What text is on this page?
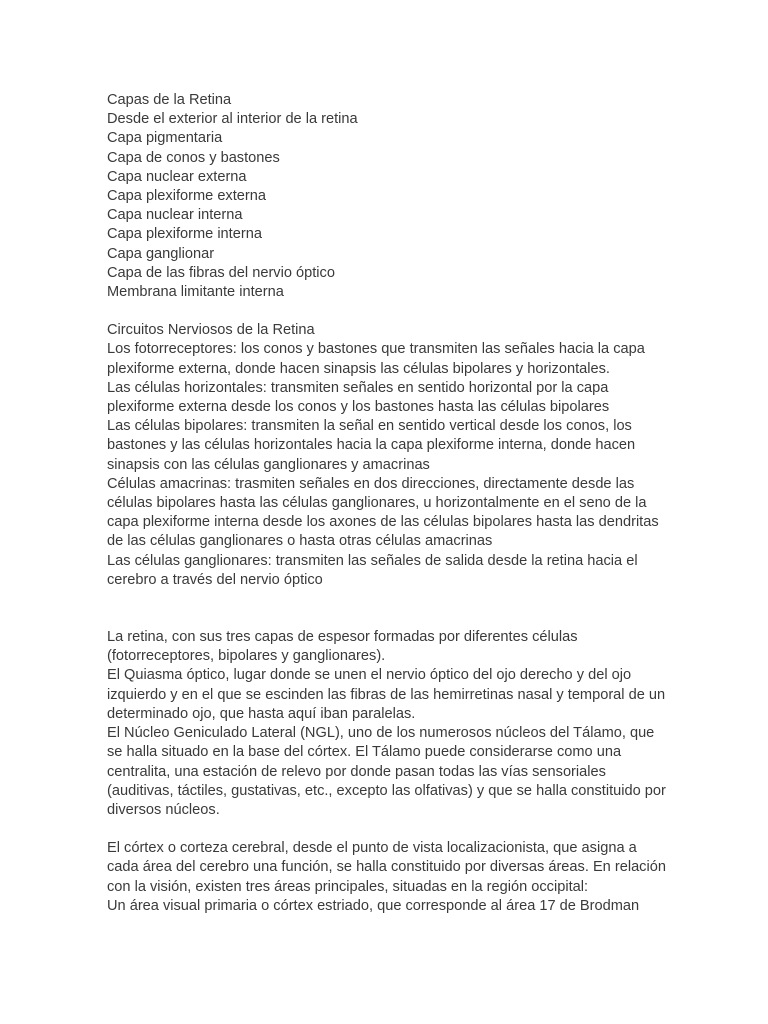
Capas de la Retina
Desde el exterior al interior de la retina
Capa pigmentaria
Capa de conos y bastones
Capa nuclear externa
Capa plexiforme externa
Capa nuclear interna
Capa plexiforme interna
Capa ganglionar
Capa de las fibras del nervio óptico
Membrana limitante interna
Circuitos Nerviosos de la Retina
Los fotorreceptores: los conos y bastones que transmiten las señales hacia la capa plexiforme externa, donde hacen sinapsis las células bipolares y horizontales.
Las células horizontales: transmiten señales en sentido horizontal por la capa plexiforme externa desde los conos y los bastones hasta las células bipolares
Las células bipolares: transmiten la señal en sentido vertical desde los conos, los bastones y las células horizontales hacia la capa plexiforme interna, donde hacen sinapsis con las células ganglionares y amacrinas
Células amacrinas: trasmiten señales en dos direcciones, directamente desde las células bipolares hasta las células ganglionares, u horizontalmente en el seno de la capa plexiforme interna desde los axones de las células bipolares hasta las dendritas de las células ganglionares o hasta otras células amacrinas
Las células ganglionares: transmiten las señales de salida desde la retina hacia el cerebro a través del nervio óptico
La retina, con sus tres capas de espesor formadas por diferentes células (fotorreceptores, bipolares y ganglionares).
El Quiasma óptico, lugar donde se unen el nervio óptico del ojo derecho y del ojo izquierdo y en el que se escinden las fibras de las hemirretinas nasal y temporal de un determinado ojo, que hasta aquí iban paralelas.
El Núcleo Geniculado Lateral (NGL), uno de los numerosos núcleos del Tálamo, que se halla situado en la base del córtex. El Tálamo puede considerarse como una centralita, una estación de relevo por donde pasan todas las vías sensoriales (auditivas, táctiles, gustativas, etc., excepto las olfativas) y que se halla constituido por diversos núcleos.
El córtex o corteza cerebral, desde el punto de vista localizacionista, que asigna a cada área del cerebro una función, se halla constituido por diversas áreas. En relación con la visión, existen tres áreas principales, situadas en la región occipital:
Un área visual primaria o córtex estriado, que corresponde al área 17 de Brodman
